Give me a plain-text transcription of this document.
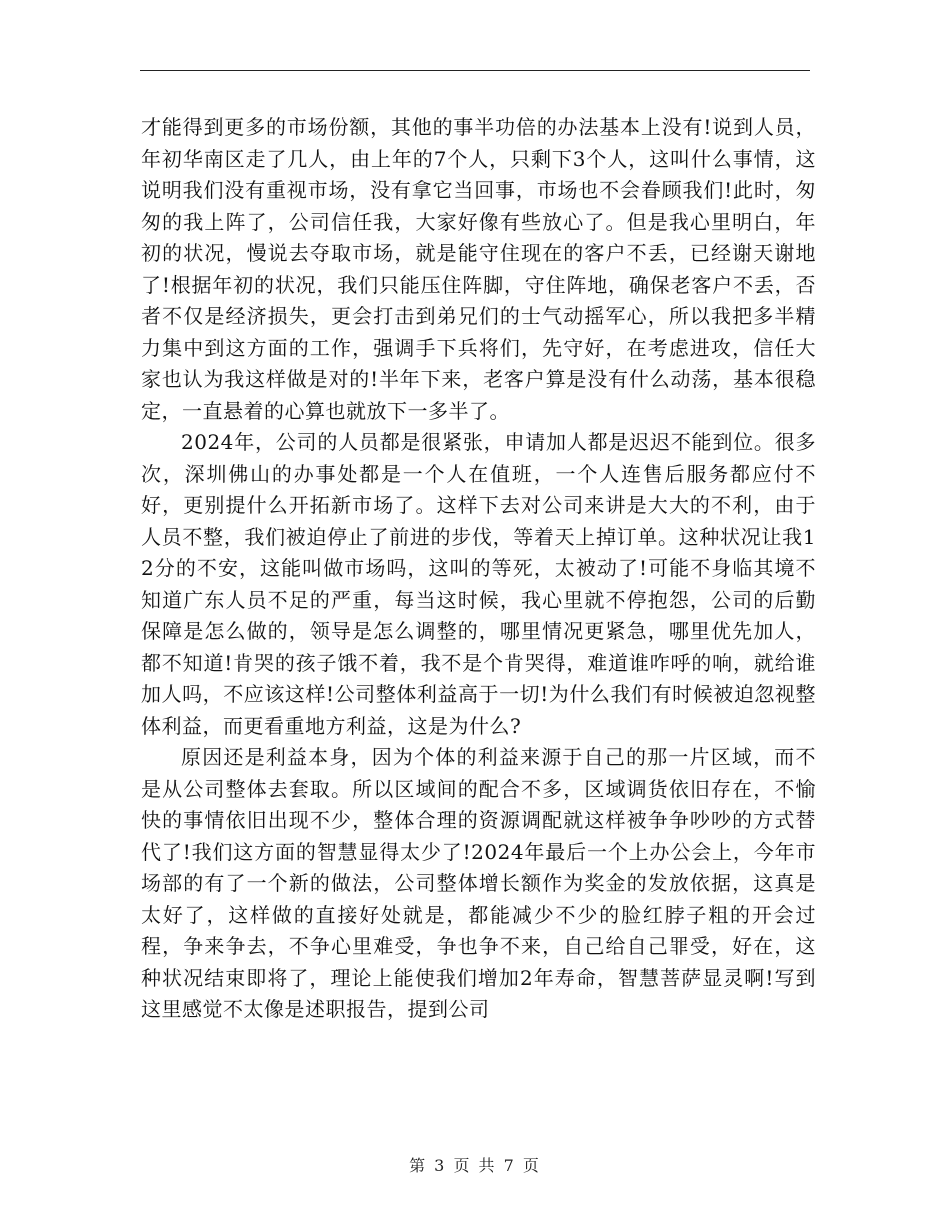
才能得到更多的市场份额，其他的事半功倍的办法基本上没有!说到人员，年初华南区走了几人，由上年的7个人，只剩下3个人，这叫什么事情，这说明我们没有重视市场，没有拿它当回事，市场也不会眷顾我们!此时，匆匆的我上阵了，公司信任我，大家好像有些放心了。但是我心里明白，年初的状况，慢说去夺取市场，就是能守住现在的客户不丢，已经谢天谢地了!根据年初的状况，我们只能压住阵脚，守住阵地，确保老客户不丢，否者不仅是经济损失，更会打击到弟兄们的士气动摇军心，所以我把多半精力集中到这方面的工作，强调手下兵将们，先守好，在考虑进攻，信任大家也认为我这样做是对的!半年下来，老客户算是没有什么动荡，基本很稳定，一直悬着的心算也就放下一多半了。

2024年，公司的人员都是很紧张，申请加人都是迟迟不能到位。很多次，深圳佛山的办事处都是一个人在值班，一个人连售后服务都应付不好，更别提什么开拓新市场了。这样下去对公司来讲是大大的不利，由于人员不整，我们被迫停止了前进的步伐，等着天上掉订单。这种状况让我12分的不安，这能叫做市场吗，这叫的等死，太被动了!可能不身临其境不知道广东人员不足的严重，每当这时候，我心里就不停抱怨，公司的后勤保障是怎么做的，领导是怎么调整的，哪里情况更紧急，哪里优先加人，都不知道!肯哭的孩子饿不着，我不是个肯哭得，难道谁咋呼的响，就给谁加人吗，不应该这样!公司整体利益高于一切!为什么我们有时候被迫忽视整体利益，而更看重地方利益，这是为什么?

原因还是利益本身，因为个体的利益来源于自己的那一片区域，而不是从公司整体去套取。所以区域间的配合不多，区域调货依旧存在，不愉快的事情依旧出现不少，整体合理的资源调配就这样被争争吵吵的方式替代了!我们这方面的智慧显得太少了!2024年最后一个上办公会上，今年市场部的有了一个新的做法，公司整体增长额作为奖金的发放依据，这真是太好了，这样做的直接好处就是，都能减少不少的脸红脖子粗的开会过程，争来争去，不争心里难受，争也争不来，自己给自己罪受，好在，这种状况结束即将了，理论上能使我们增加2年寿命，智慧菩萨显灵啊!写到这里感觉不太像是述职报告，提到公司

第 3 页 共 7 页
